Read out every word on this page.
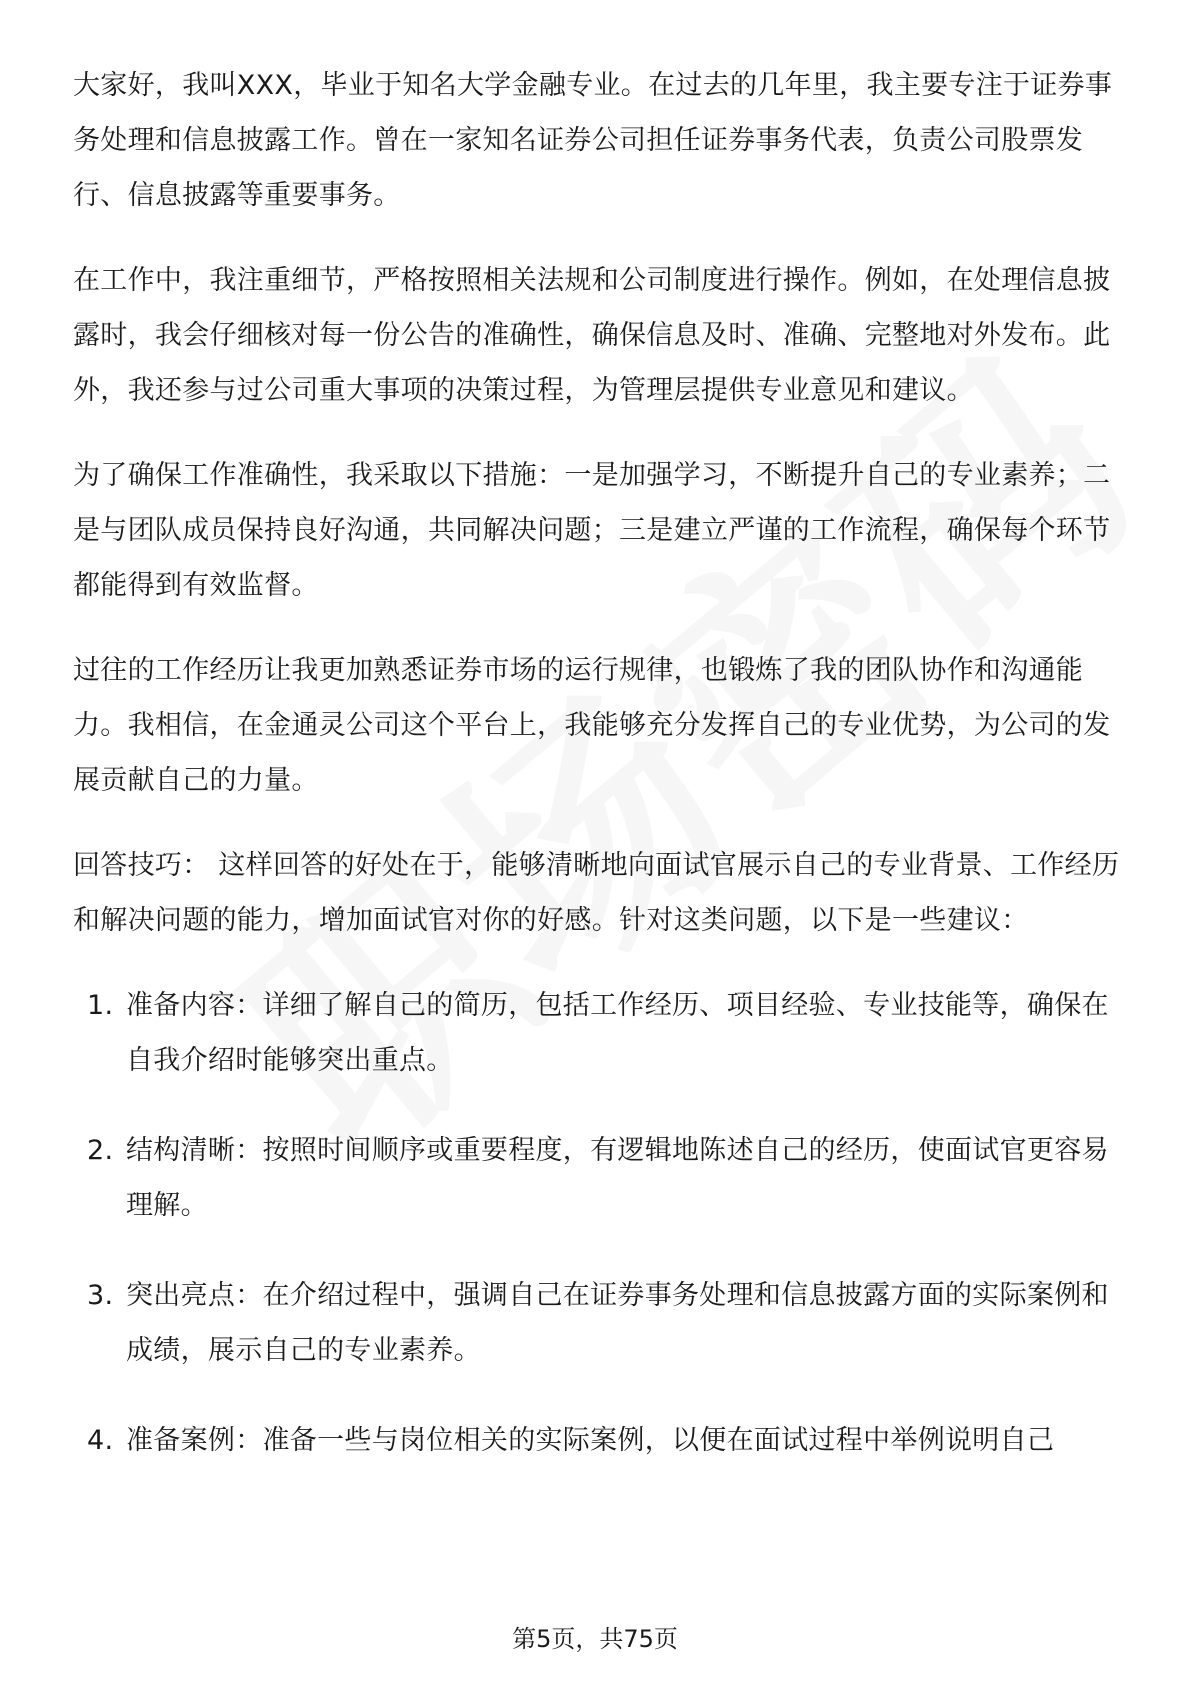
大家好，我叫XXX，毕业于知名大学金融专业。在过去的几年里，我主要专注于证券事务处理和信息披露工作。曾在一家知名证券公司担任证券事务代表，负责公司股票发行、信息披露等重要事务。

在工作中，我注重细节，严格按照相关法规和公司制度进行操作。例如，在处理信息披露时，我会仔细核对每一份公告的准确性，确保信息及时、准确、完整地对外发布。此外，我还参与过公司重大事项的决策过程，为管理层提供专业意见和建议。

为了确保工作准确性，我采取以下措施：一是加强学习，不断提升自己的专业素养；二是与团队成员保持良好沟通，共同解决问题；三是建立严谨的工作流程，确保每个环节都能得到有效监督。

过往的工作经历让我更加熟悉证券市场的运行规律，也锻炼了我的团队协作和沟通能力。我相信，在金通灵公司这个平台上，我能够充分发挥自己的专业优势，为公司的发展贡献自己的力量。

回答技巧： 这样回答的好处在于，能够清晰地向面试官展示自己的专业背景、工作经历和解决问题的能力，增加面试官对你的好感。针对这类问题，以下是一些建议：

1. 准备内容：详细了解自己的简历，包括工作经历、项目经验、专业技能等，确保在自我介绍时能够突出重点。
2. 结构清晰：按照时间顺序或重要程度，有逻辑地陈述自己的经历，使面试官更容易理解。
3. 突出亮点：在介绍过程中，强调自己在证券事务处理和信息披露方面的实际案例和成绩，展示自己的专业素养。
4. 准备案例：准备一些与岗位相关的实际案例，以便在面试过程中举例说明自己
第5页，共75页
